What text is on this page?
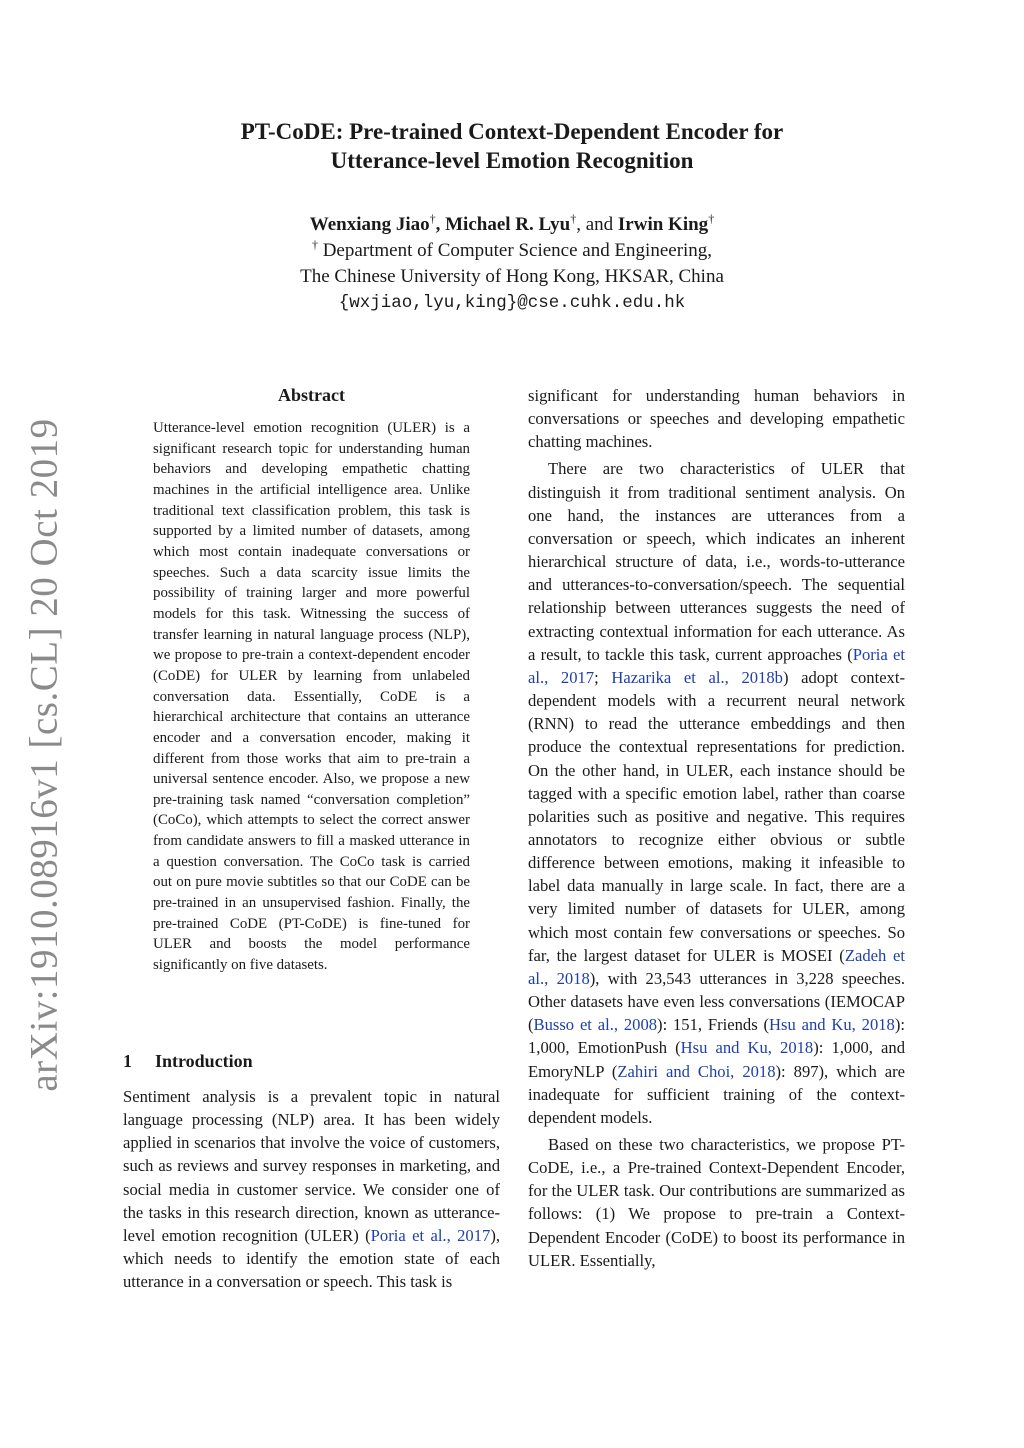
arXiv:1910.08916v1 [cs.CL] 20 Oct 2019
PT-CoDE: Pre-trained Context-Dependent Encoder for
Utterance-level Emotion Recognition
Wenxiang Jiao†, Michael R. Lyu†, and Irwin King†
† Department of Computer Science and Engineering,
The Chinese University of Hong Kong, HKSAR, China
{wxjiao,lyu,king}@cse.cuhk.edu.hk
Abstract
Utterance-level emotion recognition (ULER) is a significant research topic for understanding human behaviors and developing empathetic chatting machines in the artificial intelligence area. Unlike traditional text classification problem, this task is supported by a limited number of datasets, among which most contain inadequate conversations or speeches. Such a data scarcity issue limits the possibility of training larger and more powerful models for this task. Witnessing the success of transfer learning in natural language process (NLP), we propose to pre-train a context-dependent encoder (CoDE) for ULER by learning from unlabeled conversation data. Essentially, CoDE is a hierarchical architecture that contains an utterance encoder and a conversation encoder, making it different from those works that aim to pre-train a universal sentence encoder. Also, we propose a new pre-training task named “conversation completion” (CoCo), which attempts to select the correct answer from candidate answers to fill a masked utterance in a question conversation. The CoCo task is carried out on pure movie subtitles so that our CoDE can be pre-trained in an unsupervised fashion. Finally, the pre-trained CoDE (PT-CoDE) is fine-tuned for ULER and boosts the model performance significantly on five datasets.
1 Introduction

Sentiment analysis is a prevalent topic in natural language processing (NLP) area. It has been widely applied in scenarios that involve the voice of customers, such as reviews and survey responses in marketing, and social media in customer service. We consider one of the tasks in this research direction, known as utterance-level emotion recognition (ULER) (Poria et al., 2017), which needs to identify the emotion state of each utterance in a conversation or speech. This task is

significant for understanding human behaviors in conversations or speeches and developing empathetic chatting machines.

There are two characteristics of ULER that distinguish it from traditional sentiment analysis. On one hand, the instances are utterances from a conversation or speech, which indicates an inherent hierarchical structure of data, i.e., words-to-utterance and utterances-to-conversation/speech. The sequential relationship between utterances suggests the need of extracting contextual information for each utterance. As a result, to tackle this task, current approaches (Poria et al., 2017; Hazarika et al., 2018b) adopt context-dependent models with a recurrent neural network (RNN) to read the utterance embeddings and then produce the contextual representations for prediction. On the other hand, in ULER, each instance should be tagged with a specific emotion label, rather than coarse polarities such as positive and negative. This requires annotators to recognize either obvious or subtle difference between emotions, making it infeasible to label data manually in large scale. In fact, there are a very limited number of datasets for ULER, among which most contain few conversations or speeches. So far, the largest dataset for ULER is MOSEI (Zadeh et al., 2018), with 23,543 utterances in 3,228 speeches. Other datasets have even less conversations (IEMOCAP (Busso et al., 2008): 151, Friends (Hsu and Ku, 2018): 1,000, EmotionPush (Hsu and Ku, 2018): 1,000, and EmoryNLP (Zahiri and Choi, 2018): 897), which are inadequate for sufficient training of the context-dependent models.

Based on these two characteristics, we propose PT-CoDE, i.e., a Pre-trained Context-Dependent Encoder, for the ULER task. Our contributions are summarized as follows: (1) We propose to pre-train a Context-Dependent Encoder (CoDE) to boost its performance in ULER. Essentially,
